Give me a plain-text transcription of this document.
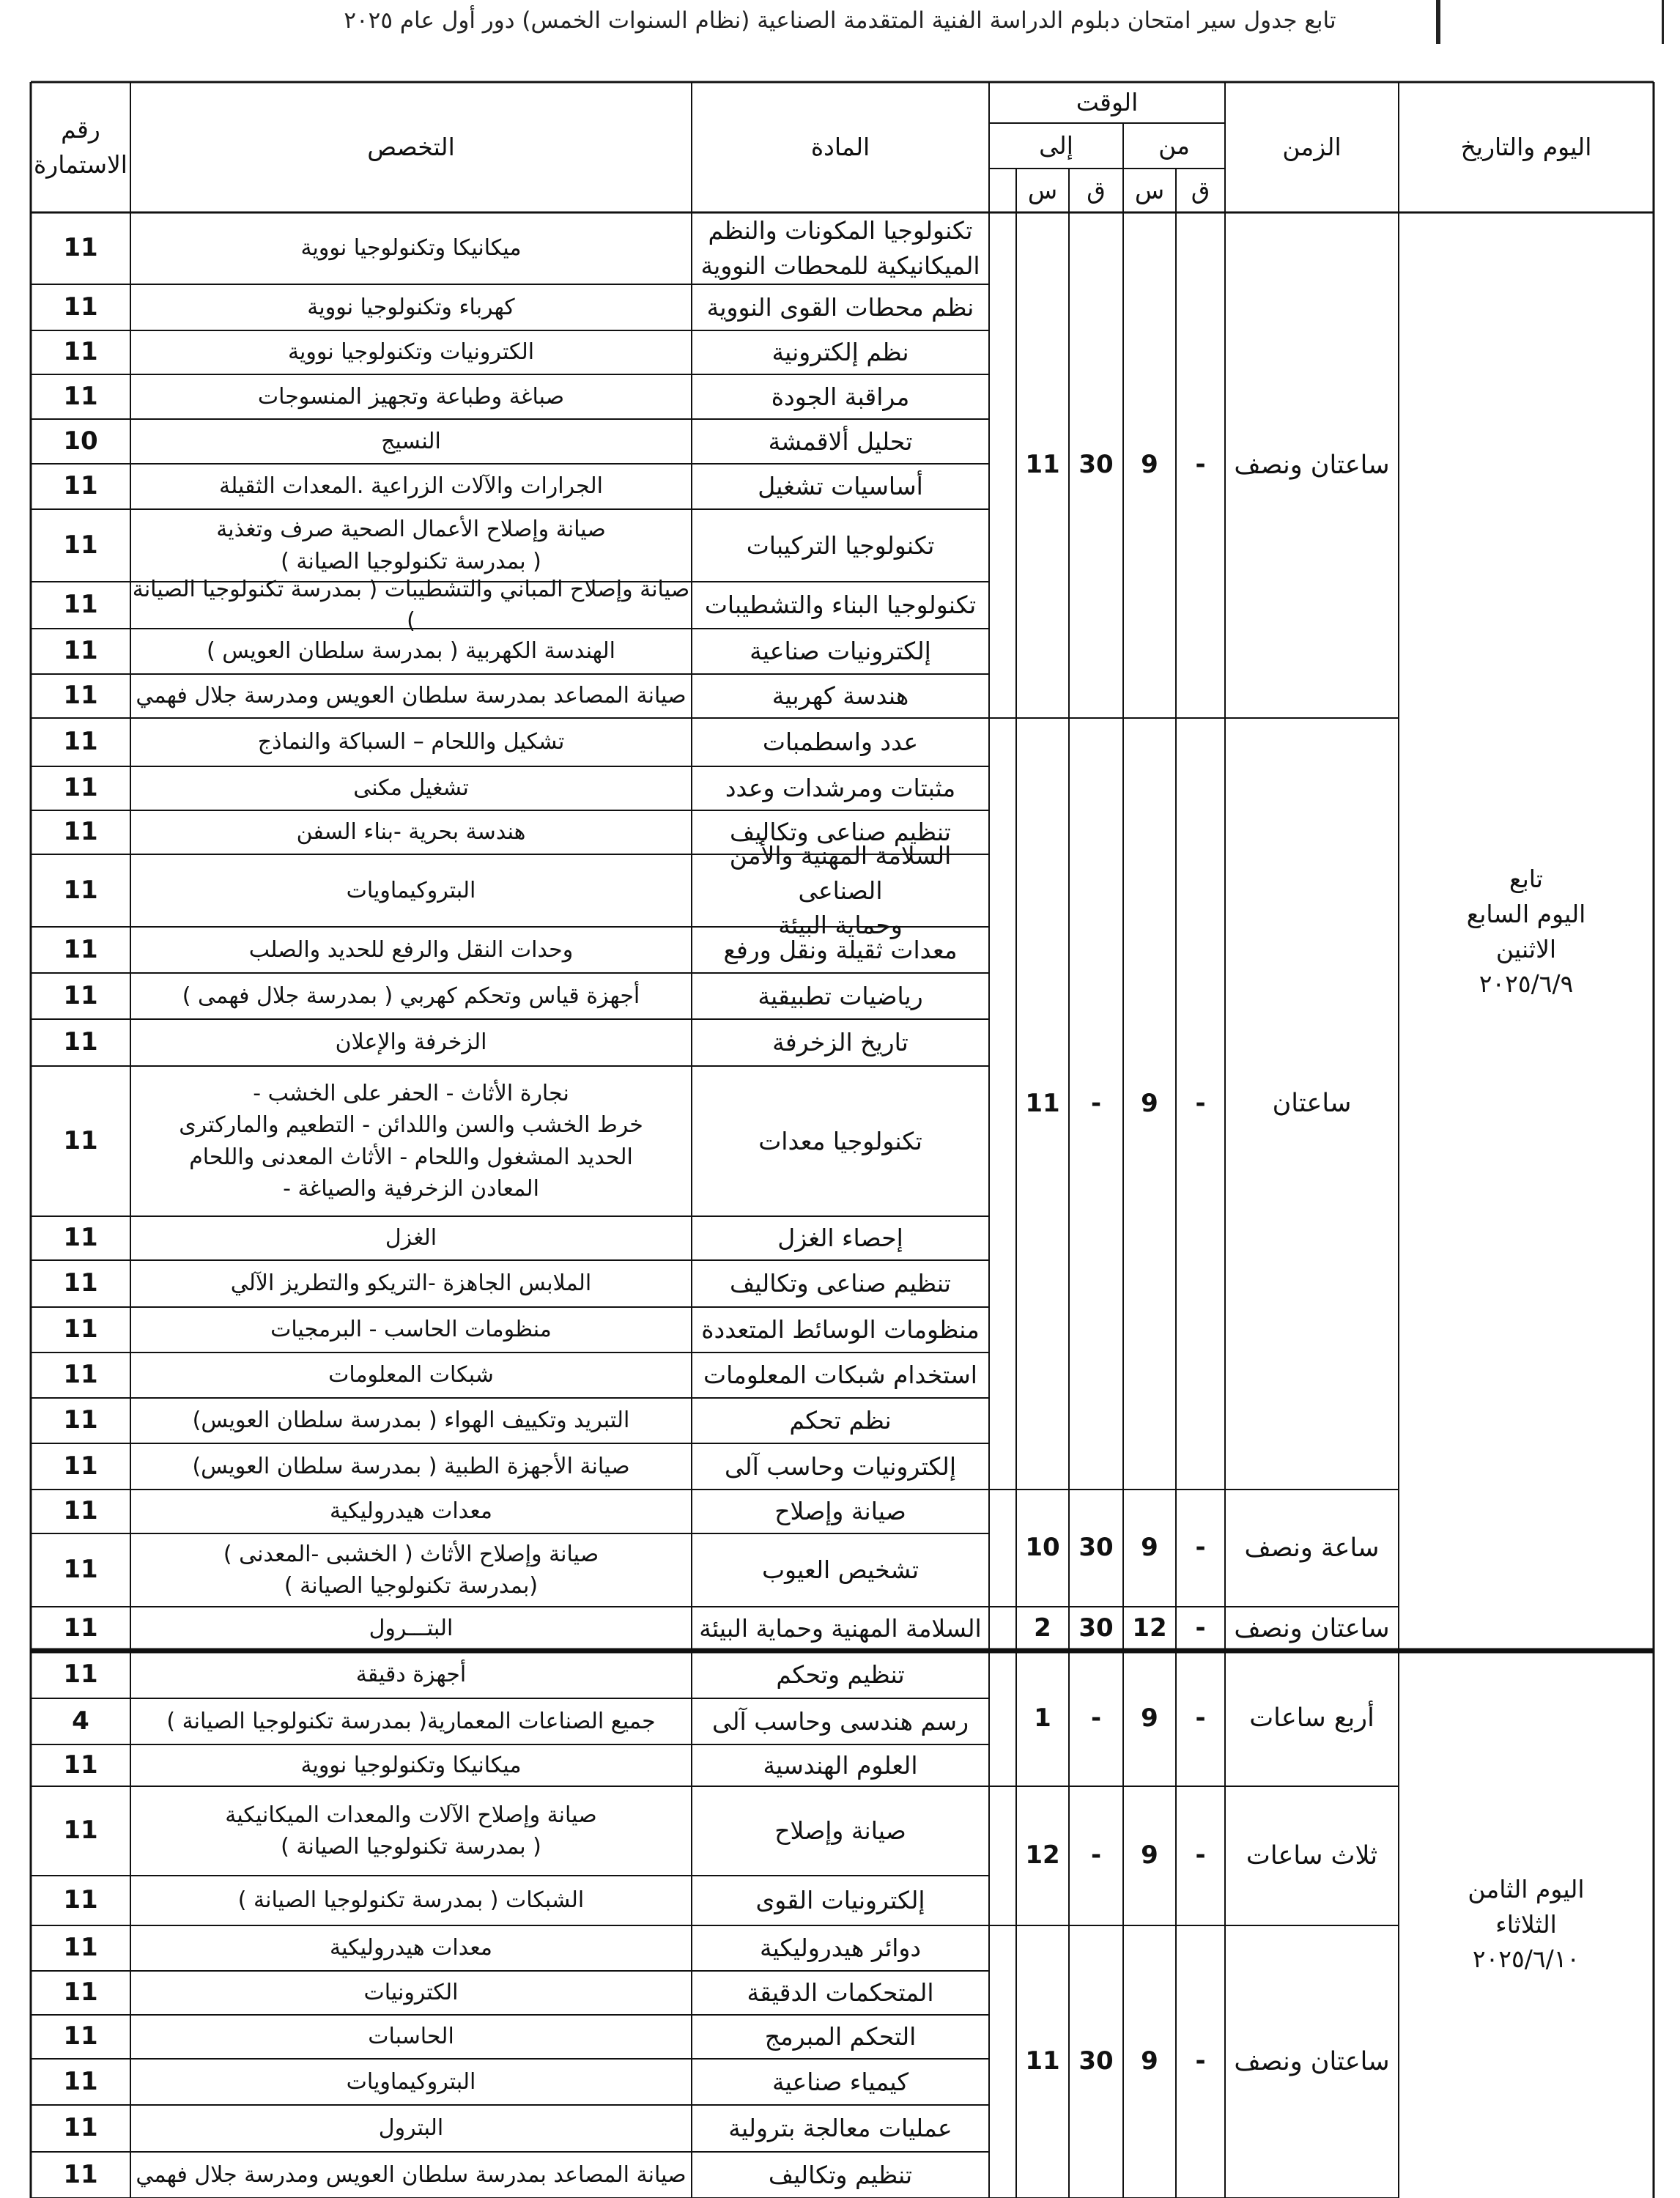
تابع جدول سير امتحان دبلوم الدراسة الفنية المتقدمة الصناعية (نظام السنوات الخمس) دور أول عام ٢٠٢٥
اليوم والتاريخ
الزمن
الوقت
من
إلى
ق
س
ق
س
المادة
التخصص
رقم
الاستمارة
تكنولوجيا المكونات والنظم
الميكانيكية للمحطات النووية
ميكانيكا وتكنولوجيا نووية
11
نظم محطات القوى النووية
كهرباء وتكنولوجيا نووية
11
نظم إلكترونية
الكترونيات وتكنولوجيا نووية
11
مراقبة الجودة
صباغة وطباعة وتجهيز المنسوجات
11
تحليل ألاقمشة
النسيج
10
أساسيات تشغيل
الجرارات والآلات الزراعية .المعدات الثقيلة
11
تكنولوجيا التركيبات
صيانة وإصلاح الأعمال الصحية صرف وتغذية
( بمدرسة تكنولوجيا الصيانة )
11
تكنولوجيا البناء والتشطيبات
صيانة وإصلاح المباني والتشطيبات ( بمدرسة تكنولوجيا الصيانة )
11
إلكترونيات صناعية
الهندسة الكهربية ( بمدرسة سلطان العويس )
11
هندسة كهربية
صيانة المصاعد بمدرسة سلطان العويس ومدرسة جلال فهمي
11
عدد واسطمبات
تشكيل واللحام – السباكة والنماذج
11
مثبتات ومرشدات وعدد
تشغيل مكنى
11
تنظيم صناعى وتكاليف
هندسة بحرية -بناء السفن
11
السلامة المهنية والأمن الصناعى
وحماية البيئة
البتروكيماويات
11
معدات ثقيلة ونقل ورفع
وحدات النقل والرفع للحديد والصلب
11
رياضيات تطبيقية
أجهزة قياس وتحكم كهربي ( بمدرسة جلال فهمى )
11
تاريخ الزخرفة
الزخرفة والإعلان
11
تكنولوجيا معدات
نجارة الأثاث - الحفر على الخشب -
خرط الخشب والسن واللدائن - التطعيم والماركترى
الحديد المشغول واللحام - الأثاث المعدنى واللحام
المعادن الزخرفية والصياغة -
11
إحصاء الغزل
الغزل
11
تنظيم صناعى وتكاليف
الملابس الجاهزة -التريكو والتطريز الآلي
11
منظومات الوسائط المتعددة
منظومات الحاسب - البرمجيات
11
استخدام شبكات المعلومات
شبكات المعلومات
11
نظم تحكم
التبريد وتكييف الهواء ( بمدرسة سلطان العويس)
11
إلكترونيات وحاسب آلى
صيانة الأجهزة الطبية ( بمدرسة سلطان العويس)
11
صيانة وإصلاح
معدات هيدروليكية
11
تشخيص العيوب
صيانة وإصلاح الأثاث ( الخشبى -المعدنى )
(بمدرسة تكنولوجيا الصيانة )
11
السلامة المهنية وحماية البيئة
البتـــرول
11
تنظيم وتحكم
أجهزة دقيقة
11
رسم هندسى وحاسب آلى
جميع الصناعات المعمارية( بمدرسة تكنولوجيا الصيانة )
4
العلوم الهندسية
ميكانيكا وتكنولوجيا نووية
11
صيانة وإصلاح
صيانة وإصلاح الآلات والمعدات الميكانيكية
( بمدرسة تكنولوجيا الصيانة )
11
إلكترونيات القوى
الشبكات ( بمدرسة تكنولوجيا الصيانة )
11
دوائر هيدروليكية
معدات هيدروليكية
11
المتحكمات الدقيقة
الكترونيات
11
التحكم المبرمج
الحاسبات
11
كيمياء صناعية
البتروكيماويات
11
عمليات معالجة بترولية
البترول
11
تنظيم وتكاليف
صيانة المصاعد بمدرسة سلطان العويس ومدرسة جلال فهمي
11
ساعتان ونصف
-
9
30
11
ساعتان
-
9
-
11
ساعة ونصف
-
9
30
10
ساعتان ونصف
-
12
30
2
أربع ساعات
-
9
-
1
ثلاث ساعات
-
9
-
12
ساعتان ونصف
-
9
30
11
تابع
اليوم السابع
الاثنين
٢٠٢٥/٦/٩
اليوم الثامن
الثلاثاء
٢٠٢٥/٦/١٠
